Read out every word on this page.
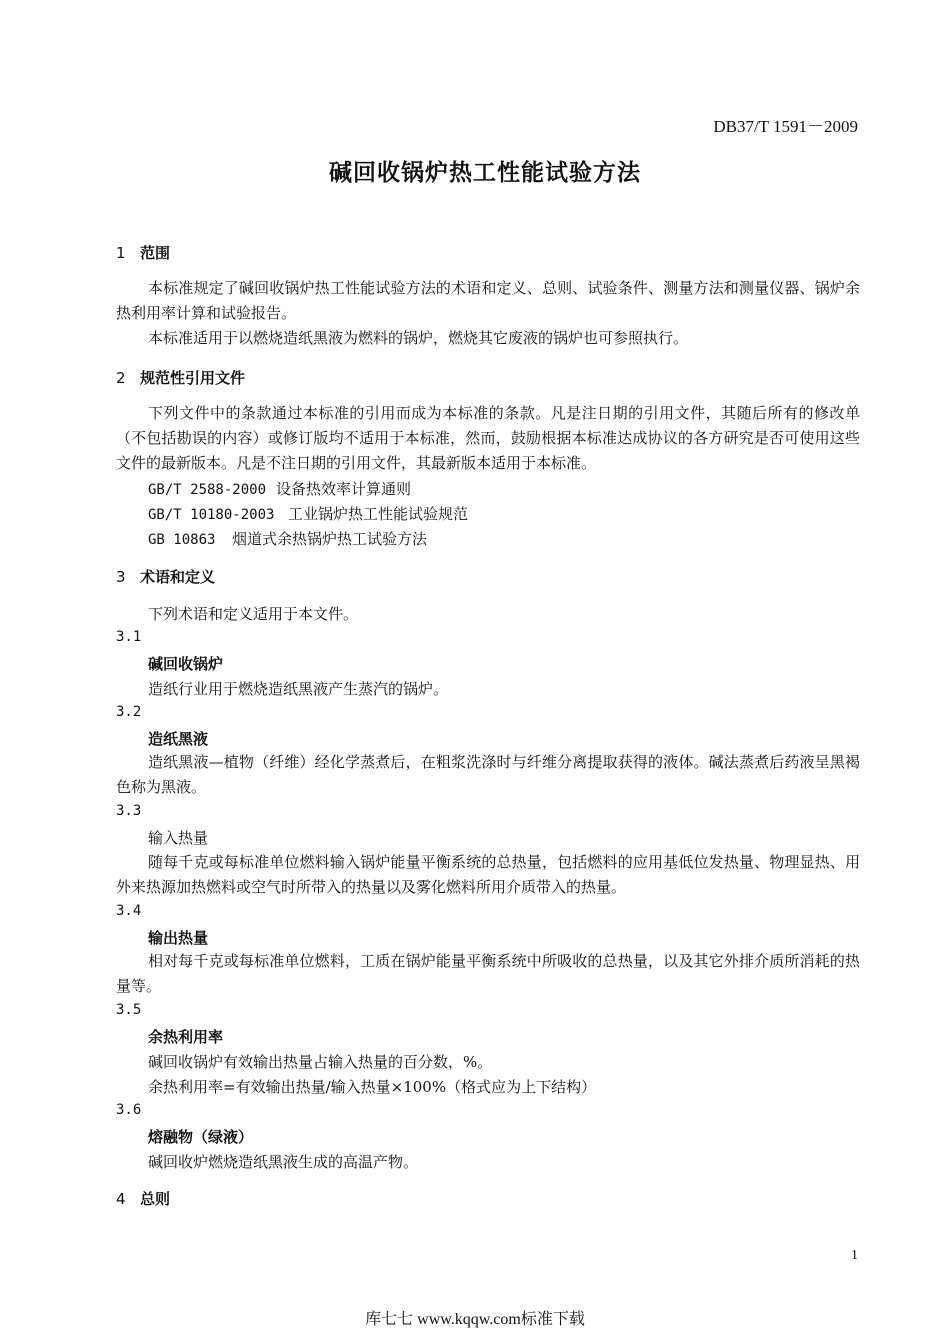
DB37/T 1591－2009
碱回收锅炉热工性能试验方法
1 范围
本标准规定了碱回收锅炉热工性能试验方法的术语和定义、总则、试验条件、测量方法和测量仪器、锅炉余热利用率计算和试验报告。
本标准适用于以燃烧造纸黑液为燃料的锅炉，燃烧其它废液的锅炉也可参照执行。
2 规范性引用文件
下列文件中的条款通过本标准的引用而成为本标准的条款。凡是注日期的引用文件，其随后所有的修改单（不包括勘误的内容）或修订版均不适用于本标准，然而，鼓励根据本标准达成协议的各方研究是否可使用这些文件的最新版本。凡是不注日期的引用文件，其最新版本适用于本标准。
GB/T 2588-2000 设备热效率计算通则
GB/T 10180-2003 工业锅炉热工性能试验规范
GB 10863 烟道式余热锅炉热工试验方法
3 术语和定义
下列术语和定义适用于本文件。
3.1
碱回收锅炉
造纸行业用于燃烧造纸黑液产生蒸汽的锅炉。
3.2
造纸黑液
造纸黑液—植物（纤维）经化学蒸煮后，在粗浆洗涤时与纤维分离提取获得的液体。碱法蒸煮后药液呈黑褐色称为黑液。
3.3
输入热量
随每千克或每标准单位燃料输入锅炉能量平衡系统的总热量，包括燃料的应用基低位发热量、物理显热、用外来热源加热燃料或空气时所带入的热量以及雾化燃料所用介质带入的热量。
3.4
输出热量
相对每千克或每标准单位燃料，工质在锅炉能量平衡系统中所吸收的总热量，以及其它外排介质所消耗的热量等。
3.5
余热利用率
碱回收锅炉有效输出热量占输入热量的百分数，%。
余热利用率=有效输出热量/输入热量×100%（格式应为上下结构）
3.6
熔融物（绿液）
碱回收炉燃烧造纸黑液生成的高温产物。
4 总则
1
库七七 www.kqqw.com标准下载
